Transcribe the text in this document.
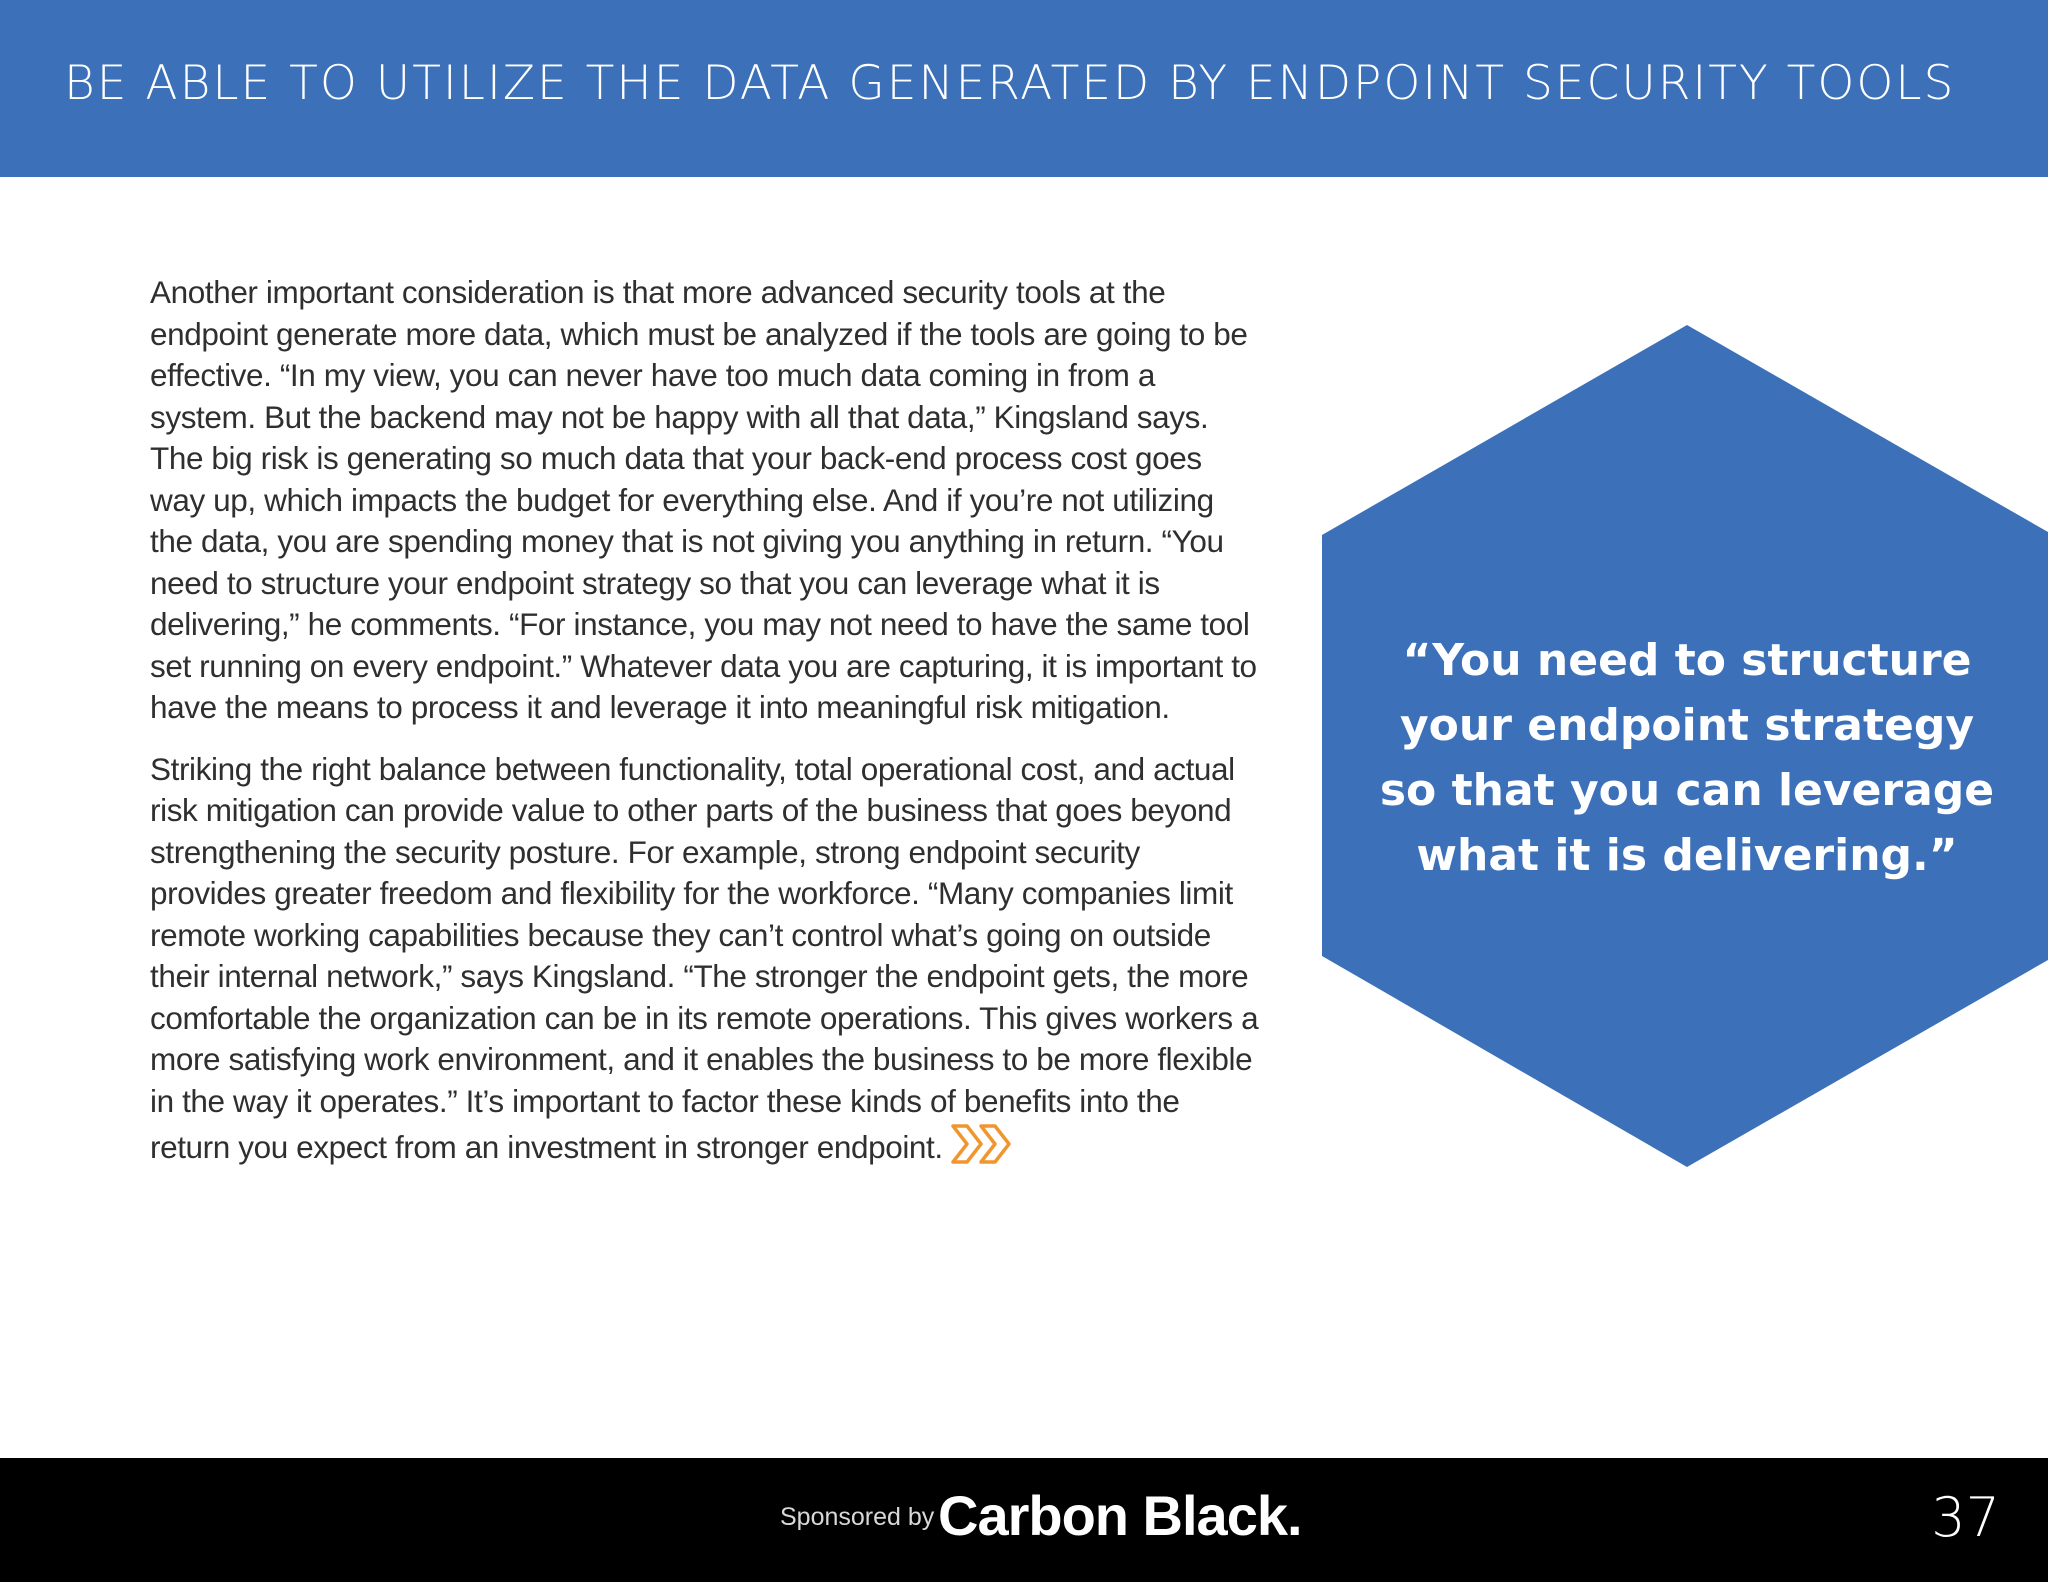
BE ABLE TO UTILIZE THE DATA GENERATED BY ENDPOINT SECURITY TOOLS

Another important consideration is that more advanced security tools at the endpoint generate more data, which must be analyzed if the tools are going to be effective. “In my view, you can never have too much data coming in from a system. But the backend may not be happy with all that data,” Kingsland says. The big risk is generating so much data that your back-end process cost goes way up, which impacts the budget for everything else. And if you’re not utilizing the data, you are spending money that is not giving you anything in return. “You need to structure your endpoint strategy so that you can leverage what it is delivering,” he comments. “For instance, you may not need to have the same tool set running on every endpoint.” Whatever data you are capturing, it is important to have the means to process it and leverage it into meaningful risk mitigation.

Striking the right balance between functionality, total operational cost, and actual risk mitigation can provide value to other parts of the business that goes beyond strengthening the security posture. For example, strong endpoint security provides greater freedom and flexibility for the workforce. “Many companies limit remote working capabilities because they can’t control what’s going on outside their internal network,” says Kingsland. “The stronger the endpoint gets, the more comfortable the organization can be in its remote operations. This gives workers a more satisfying work environment, and it enables the business to be more flexible in the way it operates.” It’s important to factor these kinds of benefits into the return you expect from an investment in stronger endpoint.

“You need to structure your endpoint strategy so that you can leverage what it is delivering.”
Sponsored by Carbon Black.	37
